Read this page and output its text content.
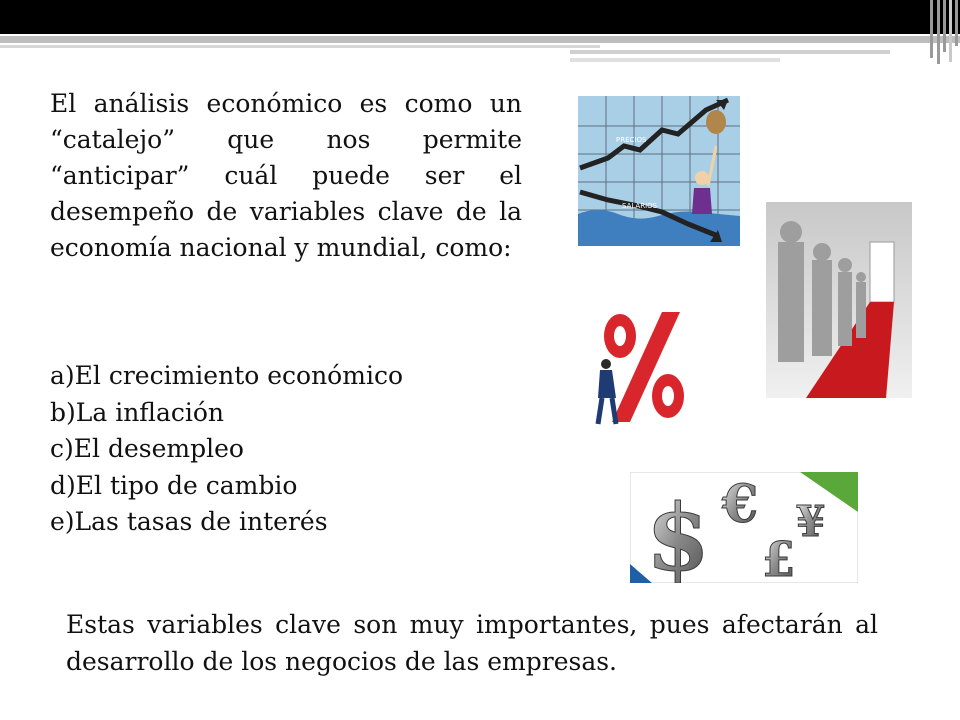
El análisis económico es como un “catalejo” que nos permite “anticipar” cuál puede ser el desempeño de variables clave de la economía nacional y mundial, como:

a)El crecimiento económico
b)La inflación
c)El desempleo
d)El tipo de cambio
e)Las tasas de interés

Estas variables clave son muy importantes, pues afectarán al desarrollo de los negocios de las empresas.

PRECIOS
SALARIOS
$ € ¥
£
